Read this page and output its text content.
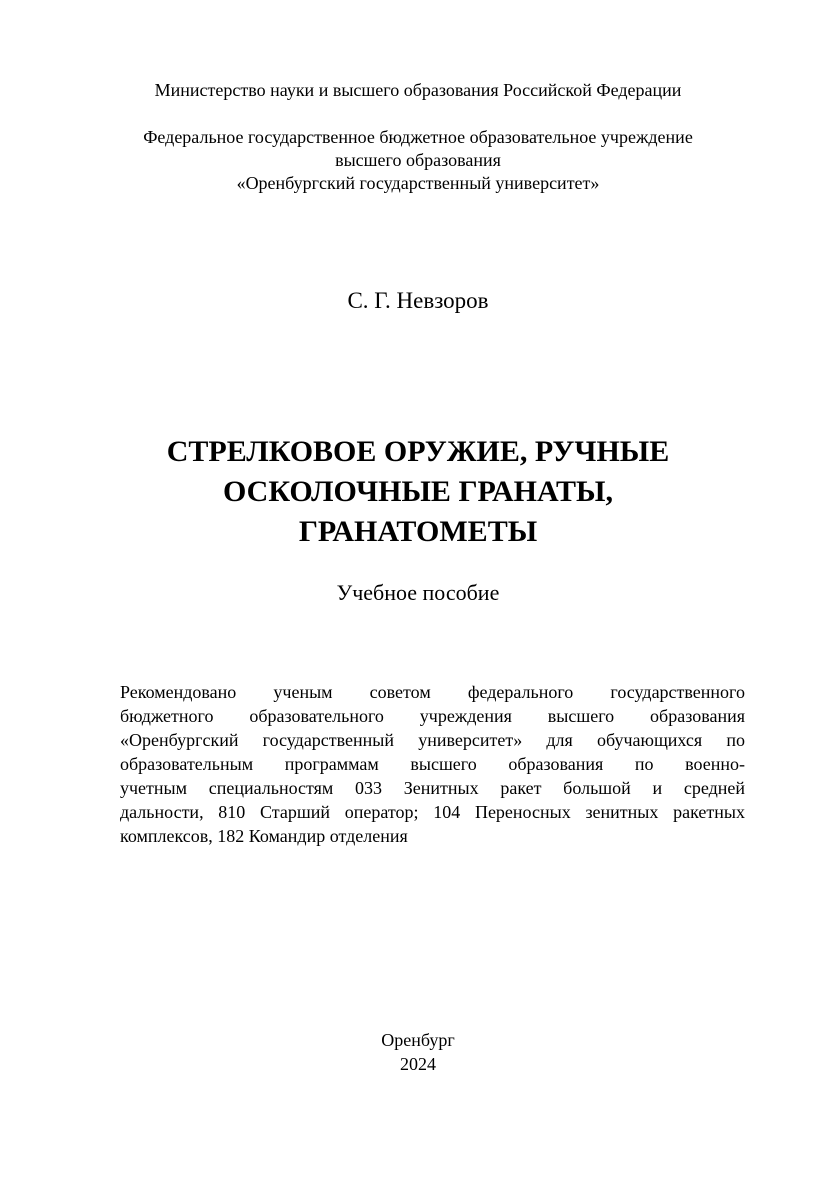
Министерство науки и высшего образования Российской Федерации
Федеральное государственное бюджетное образовательное учреждение
высшего образования
«Оренбургский государственный университет»
С. Г. Невзоров
СТРЕЛКОВОЕ ОРУЖИЕ, РУЧНЫЕ
ОСКОЛОЧНЫЕ ГРАНАТЫ,
ГРАНАТОМЕТЫ
Учебное пособие
Рекомендовано ученым советом федерального государственного
бюджетного образовательного учреждения высшего образования
«Оренбургский государственный университет» для обучающихся по
образовательным программам высшего образования по военно-
учетным специальностям 033 Зенитных ракет большой и средней
дальности, 810 Старший оператор; 104 Переносных зенитных ракетных
комплексов, 182 Командир отделения
Оренбург
2024
